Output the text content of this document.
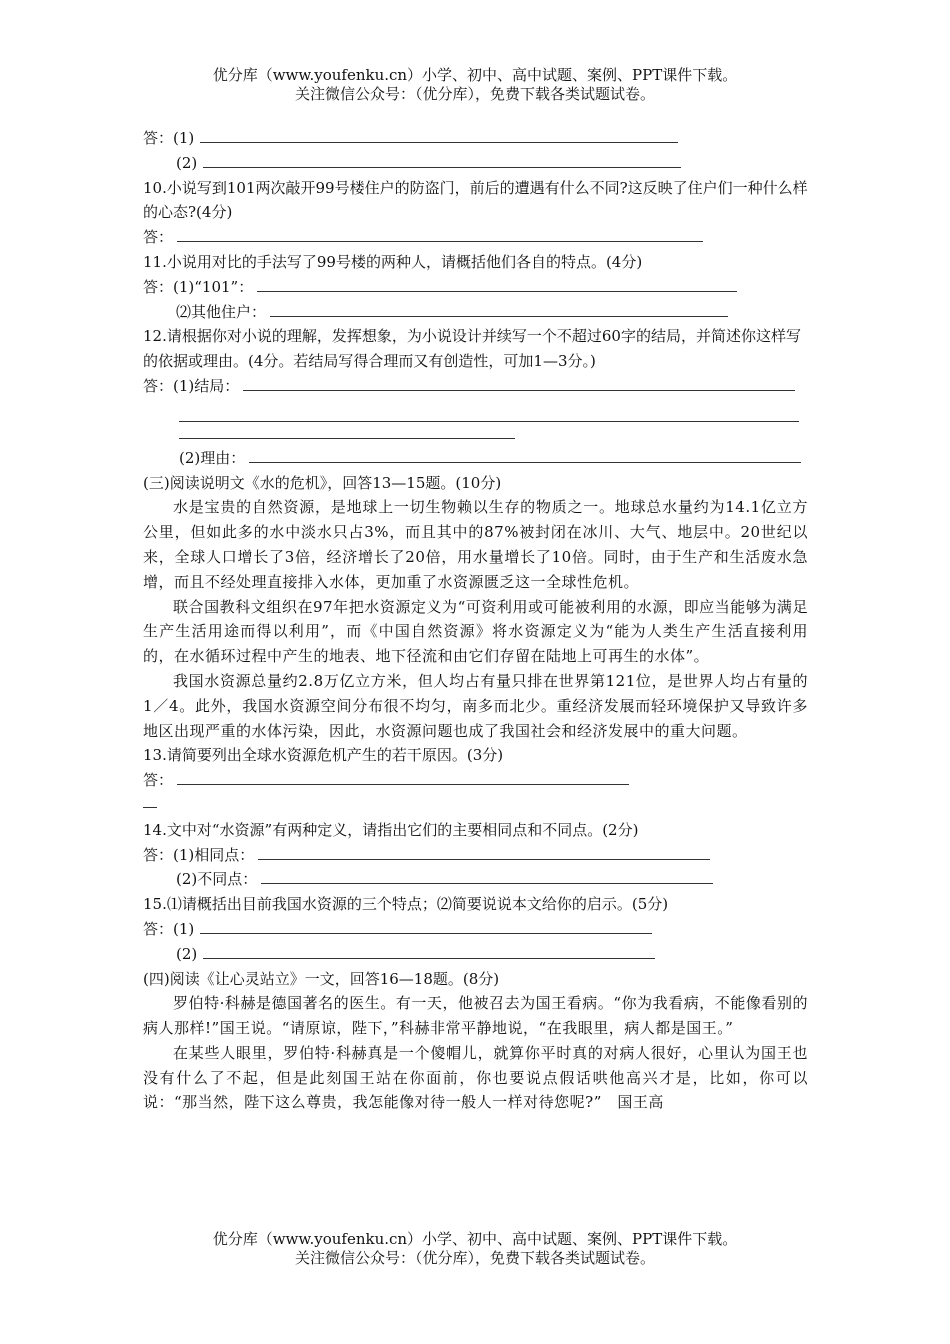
优分库（www.youfenku.cn）小学、初中、高中试题、案例、PPT课件下载。
关注微信公众号：（优分库），免费下载各类试题试卷。
答：(1)
(2)

10.小说写到101两次敲开99号楼住户的防盗门，前后的遭遇有什么不同?这反映了住户们一种什么样的心态?(4分)

答：

11.小说用对比的手法写了99号楼的两种人，请概括他们各自的特点。(4分)

答：(1)“101”：
⑵其他住户：

12.请根据你对小说的理解，发挥想象，为小说设计并续写一个不超过60字的结局，并简述你这样写的依据或理由。(4分。若结局写得合理而又有创造性，可加1—3分。)

答：(1)结局：
(2)理由：
(三)阅读说明文《水的危机》，回答13—15题。(10分)

水是宝贵的自然资源，是地球上一切生物赖以生存的物质之一。地球总水量约为14.1亿立方公里，但如此多的水中淡水只占3%，而且其中的87%被封闭在冰川、大气、地层中。20世纪以来，全球人口增长了3倍，经济增长了20倍，用水量增长了10倍。同时，由于生产和生活废水急增，而且不经处理直接排入水体，更加重了水资源匮乏这一全球性危机。

联合国教科文组织在97年把水资源定义为“可资利用或可能被利用的水源，即应当能够为满足生产生活用途而得以利用”，而《中国自然资源》将水资源定义为“能为人类生产生活直接利用的，在水循环过程中产生的地表、地下径流和由它们存留在陆地上可再生的水体”。

我国水资源总量约2.8万亿立方米，但人均占有量只排在世界第121位，是世界人均占有量的1／4。此外，我国水资源空间分布很不均匀，南多而北少。重经济发展而轻环境保护又导致许多地区出现严重的水体污染，因此，水资源问题也成了我国社会和经济发展中的重大问题。

13.请简要列出全球水资源危机产生的若干原因。(3分)
答：
14.文中对“水资源”有两种定义，请指出它们的主要相同点和不同点。(2分)
答：(1)相同点：
(2)不同点：
15.⑴请概括出目前我国水资源的三个特点；⑵简要说说本文给你的启示。(5分)
答：(1)
(2)
(四)阅读《让心灵站立》一文，回答16—18题。(8分)

罗伯特·科赫是德国著名的医生。有一天，他被召去为国王看病。“你为我看病，不能像看别的病人那样!”国王说。“请原谅，陛下，”科赫非常平静地说，“在我眼里，病人都是国王。”

在某些人眼里，罗伯特·科赫真是一个傻帽儿，就算你平时真的对病人很好，心里认为国王也没有什么了不起，但是此刻国王站在你面前，你也要说点假话哄他高兴才是，比如，你可以说：“那当然，陛下这么尊贵，我怎能像对待一般人一样对待您呢?”　国王高

优分库（www.youfenku.cn）小学、初中、高中试题、案例、PPT课件下载。
关注微信公众号：（优分库），免费下载各类试题试卷。
